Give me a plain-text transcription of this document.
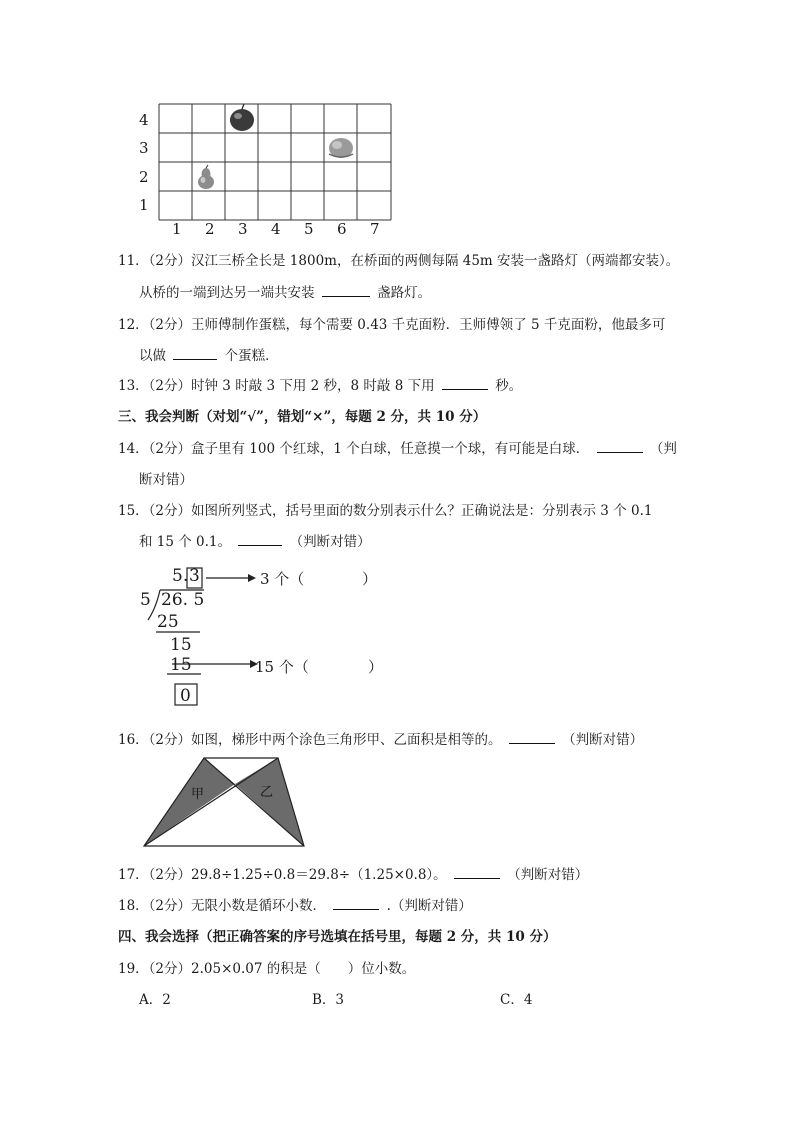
4
3
2
1
1 2 3 4 5 6 7
11．（2分）汉江三桥全长是 1800m，在桥面的两侧每隔 45m 安装一盏路灯（两端都安装）。
从桥的一端到达另一端共安装	盏路灯。
12．（2分）王师傅制作蛋糕，每个需要 0.43 千克面粉．王师傅领了 5 千克面粉，他最多可
以做	个蛋糕．
13．（2分）时钟 3 时敲 3 下用 2 秒，8 时敲 8 下用	秒。
三、我会判断（对划“√”，错划“×”，每题 2 分，共 10 分）
14．（2分）盒子里有 100 个红球，1 个白球，任意摸一个球，有可能是白球．	（判
断对错）
15．（2分）如图所列竖式，括号里面的数分别表示什么？正确说法是：分别表示 3 个 0.1
和 15 个 0.1。	（判断对错）
5. 3
5 26. 5
25
15
15
0
3 个（	）
15 个（	）
16．（2分）如图，梯形中两个涂色三角形甲、乙面积是相等的。	（判断对错）
甲	乙
17．（2分）29.8÷1.25÷0.8＝29.8÷（1.25×0.8）。	（判断对错）
18．（2分）无限小数是循环小数．	.（判断对错）
四、我会选择（把正确答案的序号选填在括号里，每题 2 分，共 10 分）
19．（2分）2.05×0.07 的积是（　　）位小数。
A．2	B．3	C．4
